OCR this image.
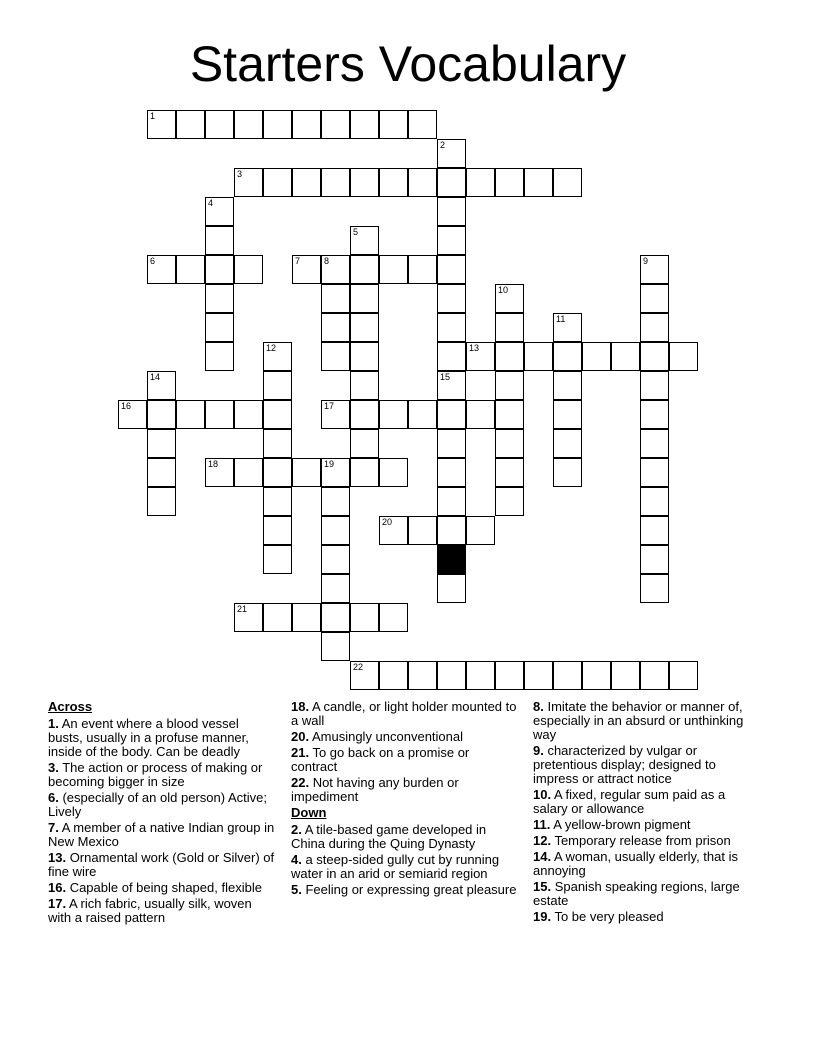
Starters Vocabulary
1
2
3
4
5
6	7	8	9
10
11
12	13
14	15
16	17
18	19
20
21
22
Across
1. An event where a blood vessel busts, usually in a profuse manner, inside of the body. Can be deadly
3. The action or process of making or becoming bigger in size
6. (especially of an old person) Active; Lively
7. A member of a native Indian group in New Mexico
13. Ornamental work (Gold or Silver) of fine wire
16. Capable of being shaped, flexible
17. A rich fabric, usually silk, woven with a raised pattern
18. A candle, or light holder mounted to a wall
20. Amusingly unconventional
21. To go back on a promise or contract
22. Not having any burden or impediment
Down
2. A tile-based game developed in China during the Quing Dynasty
4. a steep-sided gully cut by running water in an arid or semiarid region
5. Feeling or expressing great pleasure
8. Imitate the behavior or manner of, especially in an absurd or unthinking way
9. characterized by vulgar or pretentious display; designed to impress or attract notice
10. A fixed, regular sum paid as a salary or allowance
11. A yellow-brown pigment
12. Temporary release from prison
14. A woman, usually elderly, that is annoying
15. Spanish speaking regions, large estate
19. To be very pleased
